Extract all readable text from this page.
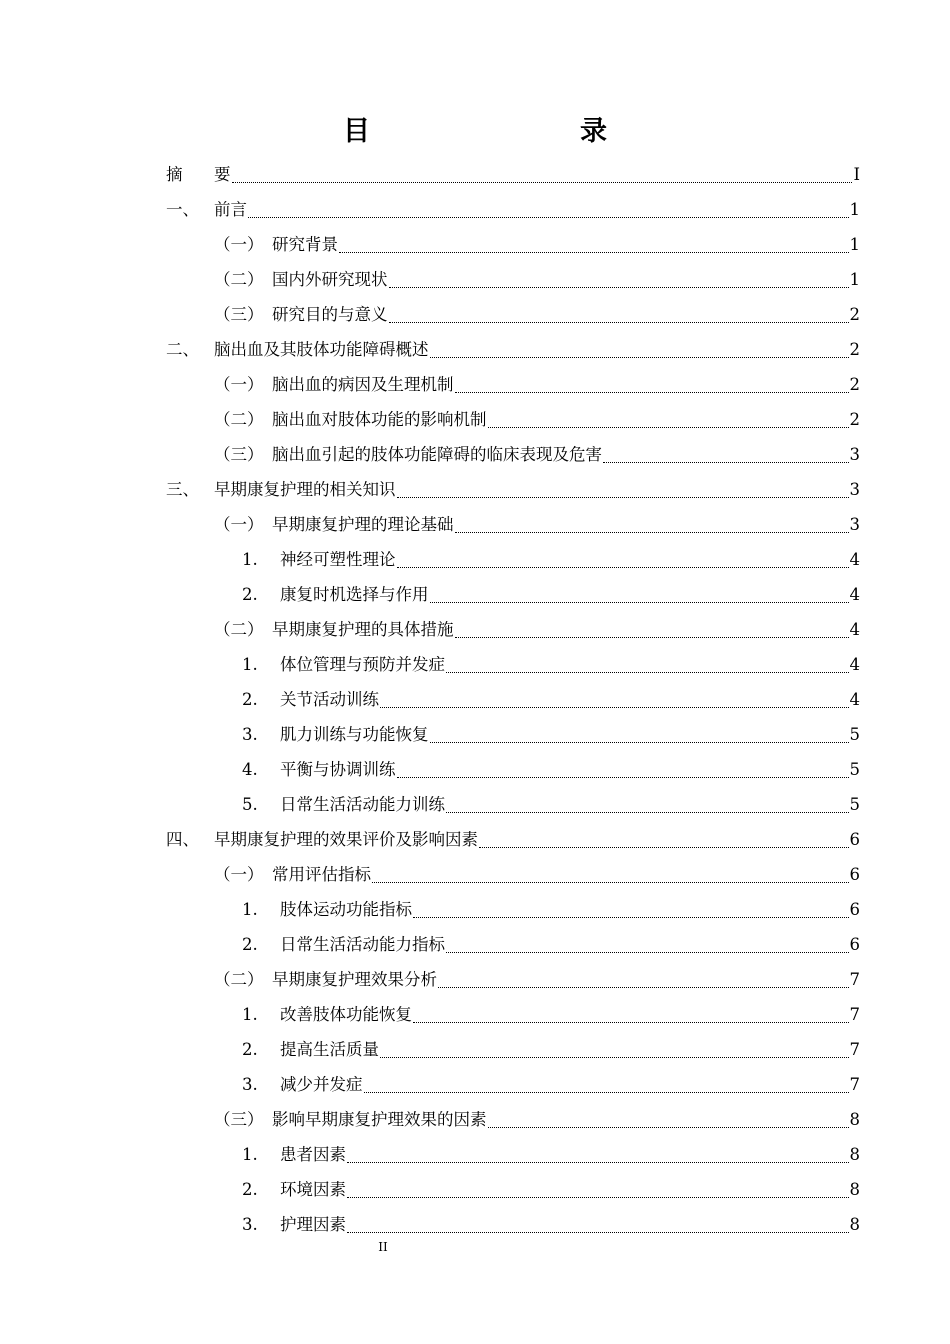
目　　录
摘	要	I
一、 前言	1
（一） 研究背景	1
（二） 国内外研究现状	1
（三） 研究目的与意义	2
二、 脑出血及其肢体功能障碍概述	2
（一） 脑出血的病因及生理机制	2
（二） 脑出血对肢体功能的影响机制	2
（三） 脑出血引起的肢体功能障碍的临床表现及危害	3
三、 早期康复护理的相关知识	3
（一） 早期康复护理的理论基础	3
1.	神经可塑性理论	4
2.	康复时机选择与作用	4
（二） 早期康复护理的具体措施	4
1.	体位管理与预防并发症	4
2.	关节活动训练	4
3.	肌力训练与功能恢复	5
4.	平衡与协调训练	5
5.	日常生活活动能力训练	5
四、 早期康复护理的效果评价及影响因素	6
（一） 常用评估指标	6
1.	肢体运动功能指标	6
2.	日常生活活动能力指标	6
（二） 早期康复护理效果分析	7
1.	改善肢体功能恢复	7
2.	提高生活质量	7
3.	减少并发症	7
（三） 影响早期康复护理效果的因素	8
1.	患者因素	8
2.	环境因素	8
3.	护理因素	8
II
